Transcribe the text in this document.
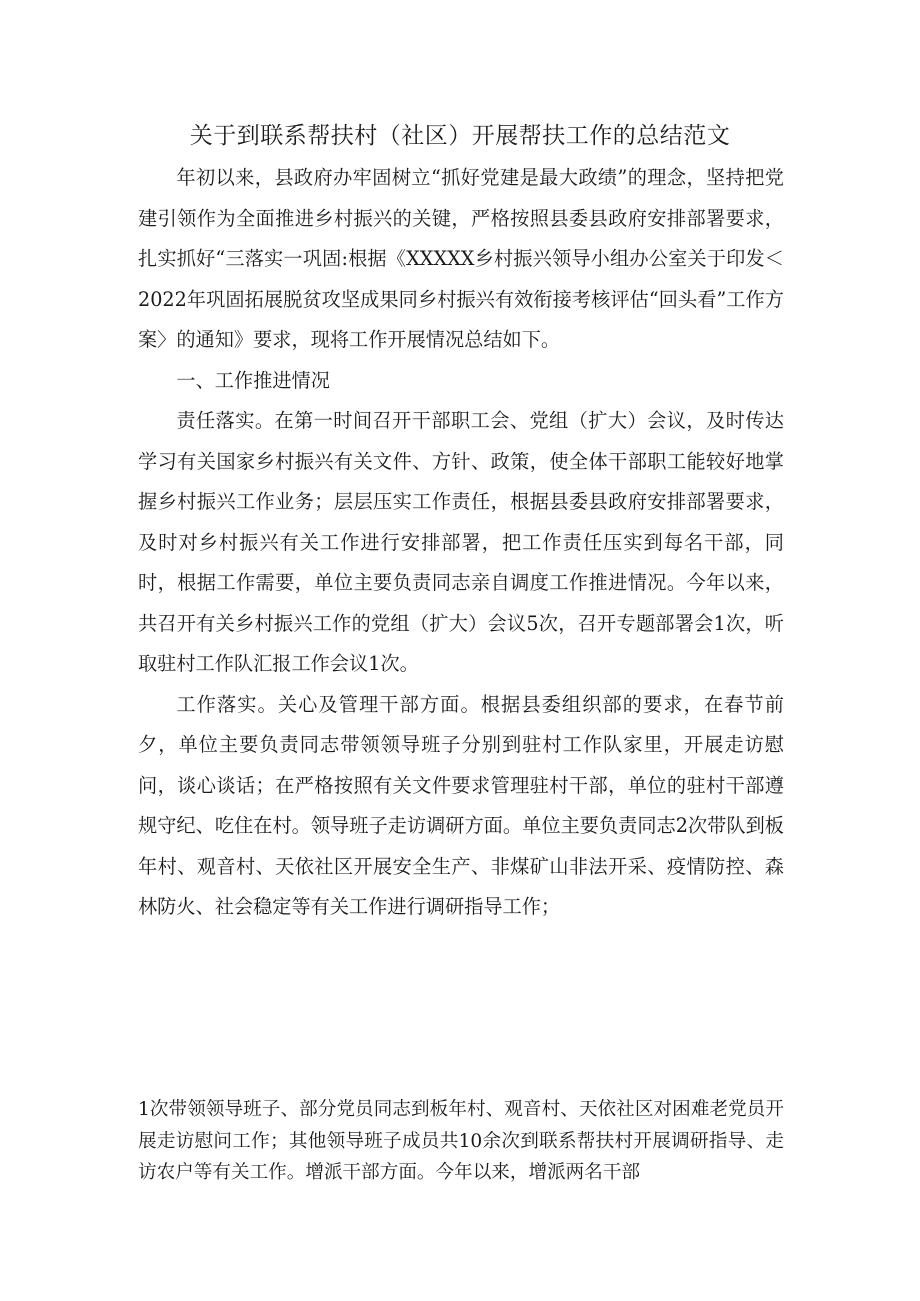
关于到联系帮扶村（社区）开展帮扶工作的总结范文

年初以来，县政府办牢固树立“抓好党建是最大政绩”的理念，坚持把党建引领作为全面推进乡村振兴的关键，严格按照县委县政府安排部署要求，扎实抓好“三落实一巩固:根据《XXXXX乡村振兴领导小组办公室关于印发＜2022年巩固拓展脱贫攻坚成果同乡村振兴有效衔接考核评估“回头看”工作方案〉的通知》要求，现将工作开展情况总结如下。

一、工作推进情况

责任落实。在第一时间召开干部职工会、党组（扩大）会议，及时传达学习有关国家乡村振兴有关文件、方针、政策，使全体干部职工能较好地掌握乡村振兴工作业务；层层压实工作责任，根据县委县政府安排部署要求，及时对乡村振兴有关工作进行安排部署，把工作责任压实到每名干部，同时，根据工作需要，单位主要负责同志亲自调度工作推进情况。今年以来，共召开有关乡村振兴工作的党组（扩大）会议5次，召开专题部署会1次，听取驻村工作队汇报工作会议1次。

工作落实。关心及管理干部方面。根据县委组织部的要求，在春节前夕，单位主要负责同志带领领导班子分别到驻村工作队家里，开展走访慰问，谈心谈话；在严格按照有关文件要求管理驻村干部，单位的驻村干部遵规守纪、吃住在村。领导班子走访调研方面。单位主要负责同志2次带队到板年村、观音村、天依社区开展安全生产、非煤矿山非法开采、疫情防控、森林防火、社会稳定等有关工作进行调研指导工作；

1次带领领导班子、部分党员同志到板年村、观音村、天依社区对困难老党员开展走访慰问工作；其他领导班子成员共10余次到联系帮扶村开展调研指导、走访农户等有关工作。增派干部方面。今年以来，增派两名干部
